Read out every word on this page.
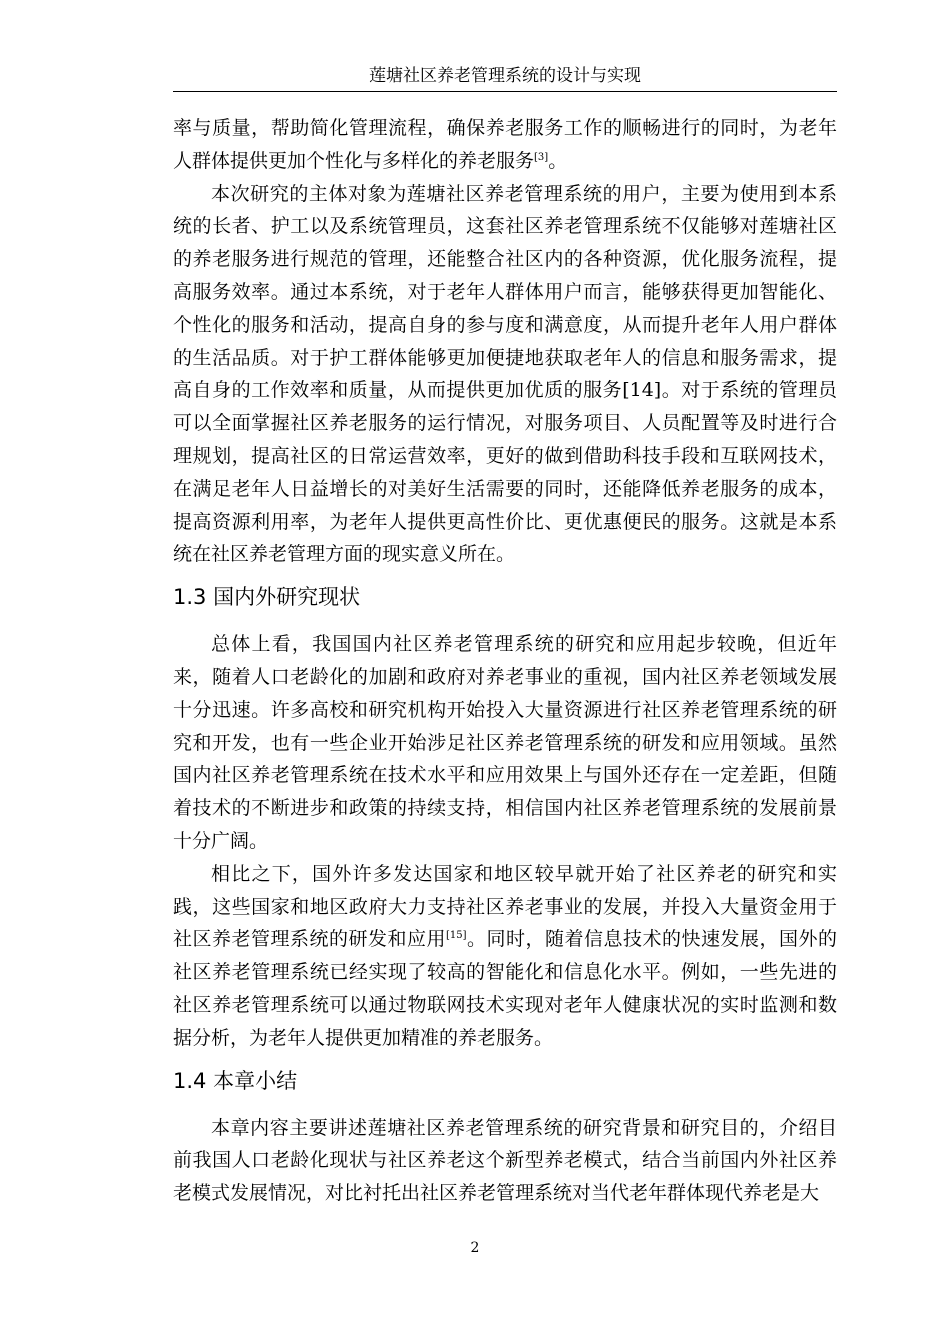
莲塘社区养老管理系统的设计与实现

率与质量，帮助简化管理流程，确保养老服务工作的顺畅进行的同时，为老年人群体提供更加个性化与多样化的养老服务[3]。

本次研究的主体对象为莲塘社区养老管理系统的用户，主要为使用到本系统的长者、护工以及系统管理员，这套社区养老管理系统不仅能够对莲塘社区的养老服务进行规范的管理，还能整合社区内的各种资源，优化服务流程，提高服务效率。通过本系统，对于老年人群体用户而言，能够获得更加智能化、个性化的服务和活动，提高自身的参与度和满意度，从而提升老年人用户群体的生活品质。对于护工群体能够更加便捷地获取老年人的信息和服务需求，提高自身的工作效率和质量，从而提供更加优质的服务[14]。对于系统的管理员可以全面掌握社区养老服务的运行情况，对服务项目、人员配置等及时进行合理规划，提高社区的日常运营效率，更好的做到借助科技手段和互联网技术，在满足老年人日益增长的对美好生活需要的同时，还能降低养老服务的成本，提高资源利用率，为老年人提供更高性价比、更优惠便民的服务。这就是本系统在社区养老管理方面的现实意义所在。

1.3 国内外研究现状

总体上看，我国国内社区养老管理系统的研究和应用起步较晚，但近年来，随着人口老龄化的加剧和政府对养老事业的重视，国内社区养老领域发展十分迅速。许多高校和研究机构开始投入大量资源进行社区养老管理系统的研究和开发，也有一些企业开始涉足社区养老管理系统的研发和应用领域。虽然国内社区养老管理系统在技术水平和应用效果上与国外还存在一定差距，但随着技术的不断进步和政策的持续支持，相信国内社区养老管理系统的发展前景十分广阔。

相比之下，国外许多发达国家和地区较早就开始了社区养老的研究和实践，这些国家和地区政府大力支持社区养老事业的发展，并投入大量资金用于社区养老管理系统的研发和应用[15]。同时，随着信息技术的快速发展，国外的社区养老管理系统已经实现了较高的智能化和信息化水平。例如，一些先进的社区养老管理系统可以通过物联网技术实现对老年人健康状况的实时监测和数据分析，为老年人提供更加精准的养老服务。

1.4 本章小结

本章内容主要讲述莲塘社区养老管理系统的研究背景和研究目的，介绍目前我国人口老龄化现状与社区养老这个新型养老模式，结合当前国内外社区养老模式发展情况，对比衬托出社区养老管理系统对当代老年群体现代养老是大

2
